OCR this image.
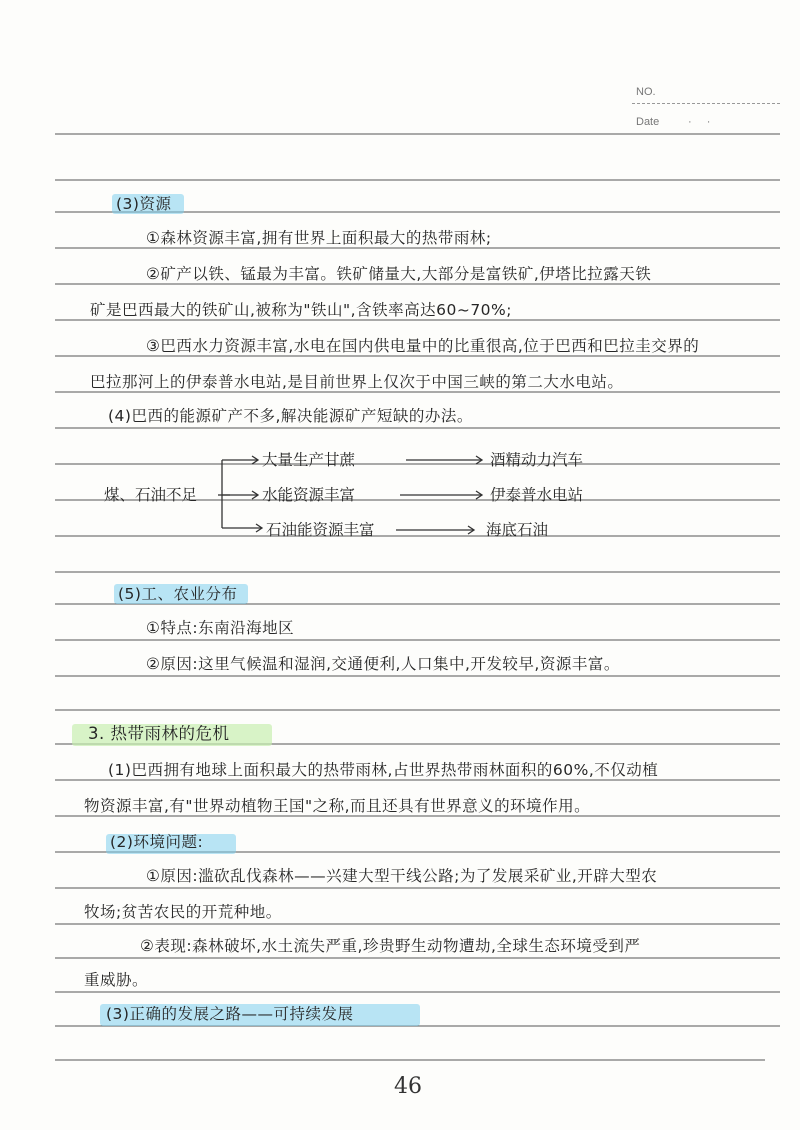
NO.
Date	· ·
(3)资源
①森林资源丰富,拥有世界上面积最大的热带雨林;
②矿产以铁、锰最为丰富。铁矿储量大,大部分是富铁矿,伊塔比拉露天铁
矿是巴西最大的铁矿山,被称为"铁山",含铁率高达60~70%;
③巴西水力资源丰富,水电在国内供电量中的比重很高,位于巴西和巴拉圭交界的
巴拉那河上的伊泰普水电站,是目前世界上仅次于中国三峡的第二大水电站。
(4)巴西的能源矿产不多,解决能源矿产短缺的办法。
煤、石油不足
大量生产甘蔗	酒精动力汽车
水能资源丰富	伊泰普水电站
石油能资源丰富	海底石油
(5)工、农业分布
①特点:东南沿海地区
②原因:这里气候温和湿润,交通便利,人口集中,开发较早,资源丰富。
3. 热带雨林的危机
(1)巴西拥有地球上面积最大的热带雨林,占世界热带雨林面积的60%,不仅动植
物资源丰富,有"世界动植物王国"之称,而且还具有世界意义的环境作用。
(2)环境问题:
①原因:滥砍乱伐森林——兴建大型干线公路;为了发展采矿业,开辟大型农
牧场;贫苦农民的开荒种地。
②表现:森林破坏,水土流失严重,珍贵野生动物遭劫,全球生态环境受到严
重威胁。
(3)正确的发展之路——可持续发展
46
